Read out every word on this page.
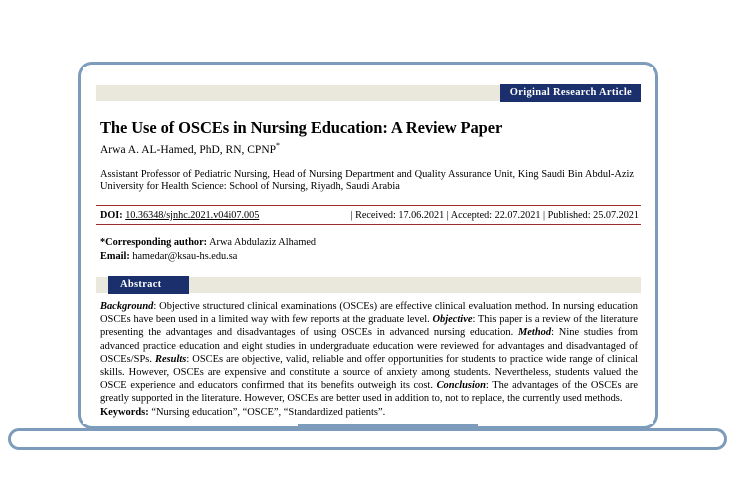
Original Research Article
The Use of OSCEs in Nursing Education: A Review Paper
Arwa A. AL-Hamed, PhD, RN, CPNP*
Assistant Professor of Pediatric Nursing, Head of Nursing Department and Quality Assurance Unit, King Saudi Bin Abdul-Aziz University for Health Science: School of Nursing, Riyadh, Saudi Arabia
DOI: 10.36348/sjnhc.2021.v04i07.005	| Received: 17.06.2021 | Accepted: 22.07.2021 | Published: 25.07.2021
*Corresponding author: Arwa Abdulaziz Alhamed
Email: hamedar@ksau-hs.edu.sa
Abstract
Background: Objective structured clinical examinations (OSCEs) are effective clinical evaluation method. In nursing education OSCEs have been used in a limited way with few reports at the graduate level. Objective: This paper is a review of the literature presenting the advantages and disadvantages of using OSCEs in advanced nursing education. Method: Nine studies from advanced practice education and eight studies in undergraduate education were reviewed for advantages and disadvantaged of OSCEs/SPs. Results: OSCEs are objective, valid, reliable and offer opportunities for students to practice wide range of clinical skills. However, OSCEs are expensive and constitute a source of anxiety among students. Nevertheless, students valued the OSCE experience and educators confirmed that its benefits outweigh its cost. Conclusion: The advantages of the OSCEs are greatly supported in the literature. However, OSCEs are better used in addition to, not to replace, the currently used methods.
Keywords: “Nursing education”, “OSCE”, “Standardized patients”.
